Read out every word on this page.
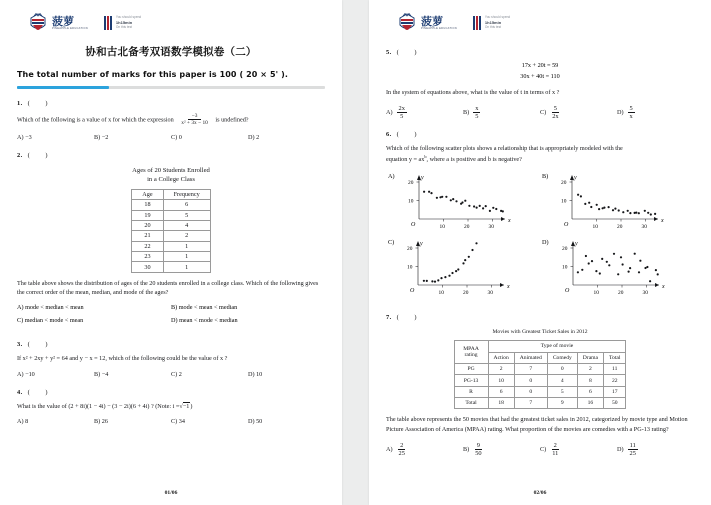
菠萝
PINEAPPLE EDUCATION
You should spend
1h15min
On this test
协和古北备考双语数学模拟卷（二）
The total number of marks for this paper is 100 ( 20 × 5' ).
1. ( )
Which of the following is a value of x for which the expression $\frac{-3}{\text{x² + 3x − 10}}$ is undefined?
A) −3	B) −2	C) 0	D) 2
2. ( )
Ages of 20 Students Enrolled
in a College Class
Age	Frequency
18	6
19	5
20	4
21	2
22	1
23	1
30	1
The table above shows the distribution of ages of the 20 students enrolled in a college class. Which of the following gives the correct order of the mean, median, and mode of the ages?
A) mode < median < mean	B) mode < mean < median
C) median < mode < mean	D) mean < mode < median
3. ( )
If x² + 2xy + y² = 64 and y − x = 12, which of the following could be the value of x ?
A) −10	B) −4	C) 2	D) 10
4. ( )
What is the value of (2 + 8i)(1 − 4i) − (3 − 2i)(6 + 4i) ? (Note: i =√−1)
A) 8	B) 26	C) 34	D) 50
01/06
菠萝
PINEAPPLE EDUCATION
You should spend
1h15min
On this test
5. ( )
17x + 20t = 59
30x + 40t = 110
In the system of equations above, what is the value of t in terms of x ?
$A) \frac{2x}{5}$	$B) \frac{x}{5}$	$C) \frac{5}{2x}$	$D) \frac{5}{x}$
6. ( )
Which of the following scatter plots shows a relationship that is appropriately modeled with the
equation $y = ax^b$, where a is positive and b is negative?
A)
O
x
y
10	20	30
10
20
B)
O
x
y
10	20	30
10
20
C)
O
x
y
10	20	30
10
20
D)
O
x
y
10	20	30
10
20
7. ( )
Movies with Greatest Ticket Sales in 2012
MPAA
rating	Type of movie				
	Action	Animated	Comedy	Drama	Total
PG	2	7	0	2	11
PG-13	10	0	4	8	22
R	6	0	5	6	17
Total	18	7	9	16	50
The table above represents the 50 movies that had the greatest ticket sales in 2012, categorized by movie type and Motion Picture Association of America (MPAA) rating. What proportion of the movies are comedies with a PG-13 rating?
$A) \frac{2}{25}$	$B) \frac{9}{50}$	$C) \frac{2}{11}$	$D) \frac{11}{25}$
02/06
